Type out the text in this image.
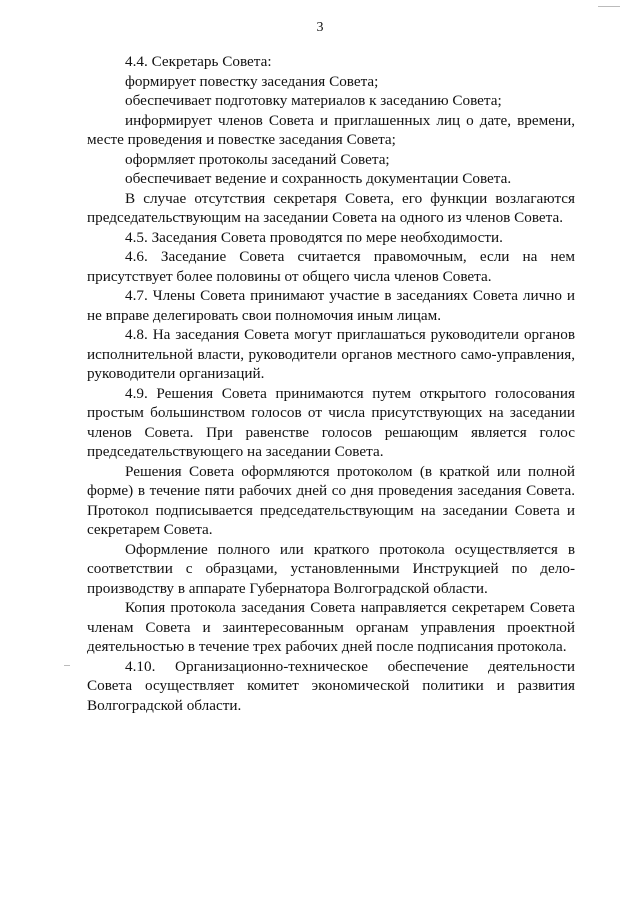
3

4.4. Секретарь Совета:

формирует повестку заседания Совета;

обеспечивает подготовку материалов к заседанию Совета;

информирует членов Совета и приглашенных лиц о дате, времени, месте проведения и повестке заседания Совета;

оформляет протоколы заседаний Совета;

обеспечивает ведение и сохранность документации Совета.

В случае отсутствия секретаря Совета, его функции возлагаются председательствующим на заседании Совета на одного из членов Совета.

4.5. Заседания Совета проводятся по мере необходимости.

4.6. Заседание Совета считается правомочным, если на нем присутствует более половины от общего числа членов Совета.

4.7. Члены Совета принимают участие в заседаниях Совета лично и не вправе делегировать свои полномочия иным лицам.

4.8. На заседания Совета могут приглашаться руководители органов исполнительной власти, руководители органов местного само-управления, руководители организаций.

4.9. Решения Совета принимаются путем открытого голосования простым большинством голосов от числа присутствующих на заседании членов Совета. При равенстве голосов решающим является голос председательствующего на заседании Совета.

Решения Совета оформляются протоколом (в краткой или полной форме) в течение пяти рабочих дней со дня проведения заседания Совета. Протокол подписывается председательствующим на заседании Совета и секретарем Совета.

Оформление полного или краткого протокола осуществляется в соответствии с образцами, установленными Инструкцией по дело-производству в аппарате Губернатора Волгоградской области.

Копия протокола заседания Совета направляется секретарем Совета членам Совета и заинтересованным органам управления проектной деятельностью в течение трех рабочих дней после подписания протокола.

4.10. Организационно-техническое обеспечение деятельности Совета осуществляет комитет экономической политики и развития Волгоградской области.
